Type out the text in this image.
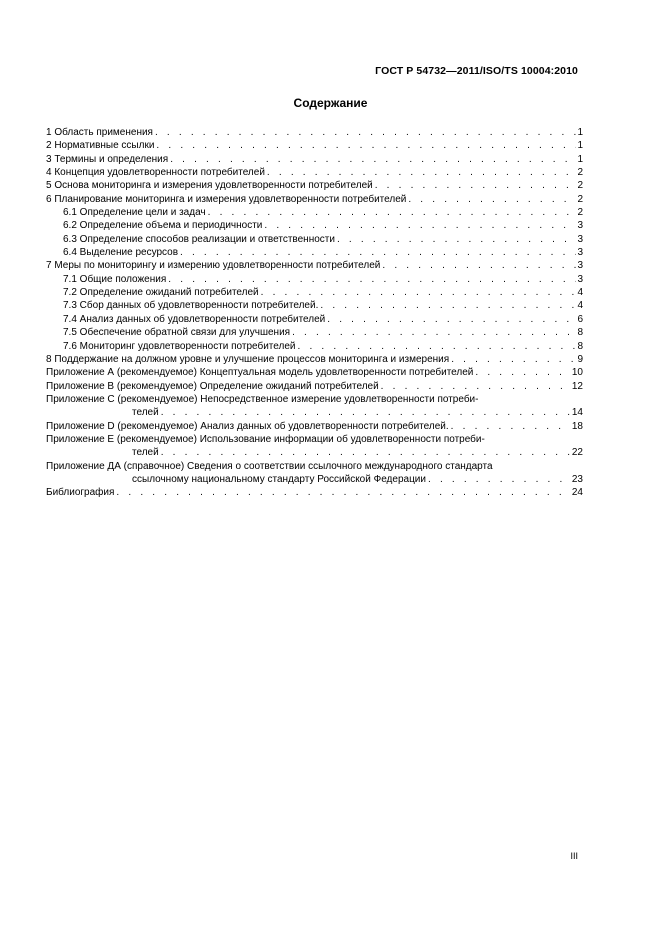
ГОСТ Р 54732—2011/ISO/TS 10004:2010
Содержание
1 Область применения . . .	1
2 Нормативные ссылки . . .	1
3 Термины и определения . . .	1
4 Концепция удовлетворенности потребителей . . .	2
5 Основа мониторинга и измерения удовлетворенности потребителей . . .	2
6 Планирование мониторинга и измерения удовлетворенности потребителей . . .	2
6.1 Определение цели и задач . . .	2
6.2 Определение объема и периодичности . . .	3
6.3 Определение способов реализации и ответственности . . .	3
6.4 Выделение ресурсов . . .	3
7 Меры по мониторингу и измерению удовлетворенности потребителей . . .	3
7.1 Общие положения . . .	3
7.2 Определение ожиданий потребителей . . .	4
7.3 Сбор данных об удовлетворенности потребителей. . . .	4
7.4 Анализ данных об удовлетворенности потребителей . . .	6
7.5 Обеспечение обратной связи для улучшения . . .	8
7.6 Мониторинг удовлетворенности потребителей . . .	8
8 Поддержание на должном уровне и улучшение процессов мониторинга и измерения . . .	9
Приложение А (рекомендуемое) Концептуальная модель удовлетворенности потребителей . . .	10
Приложение В (рекомендуемое) Определение ожиданий потребителей . . .	12
Приложение С (рекомендуемое) Непосредственное измерение удовлетворенности потреби-
телей . . .	14
Приложение D (рекомендуемое) Анализ данных об удовлетворенности потребителей. . . .	18
Приложение Е (рекомендуемое) Использование информации об удовлетворенности потреби-
телей . . .	22
Приложение ДА (справочное) Сведения о соответствии ссылочного международного стандарта
ссылочному национальному стандарту Российской Федерации . . .	23
Библиография . . .	24
III
